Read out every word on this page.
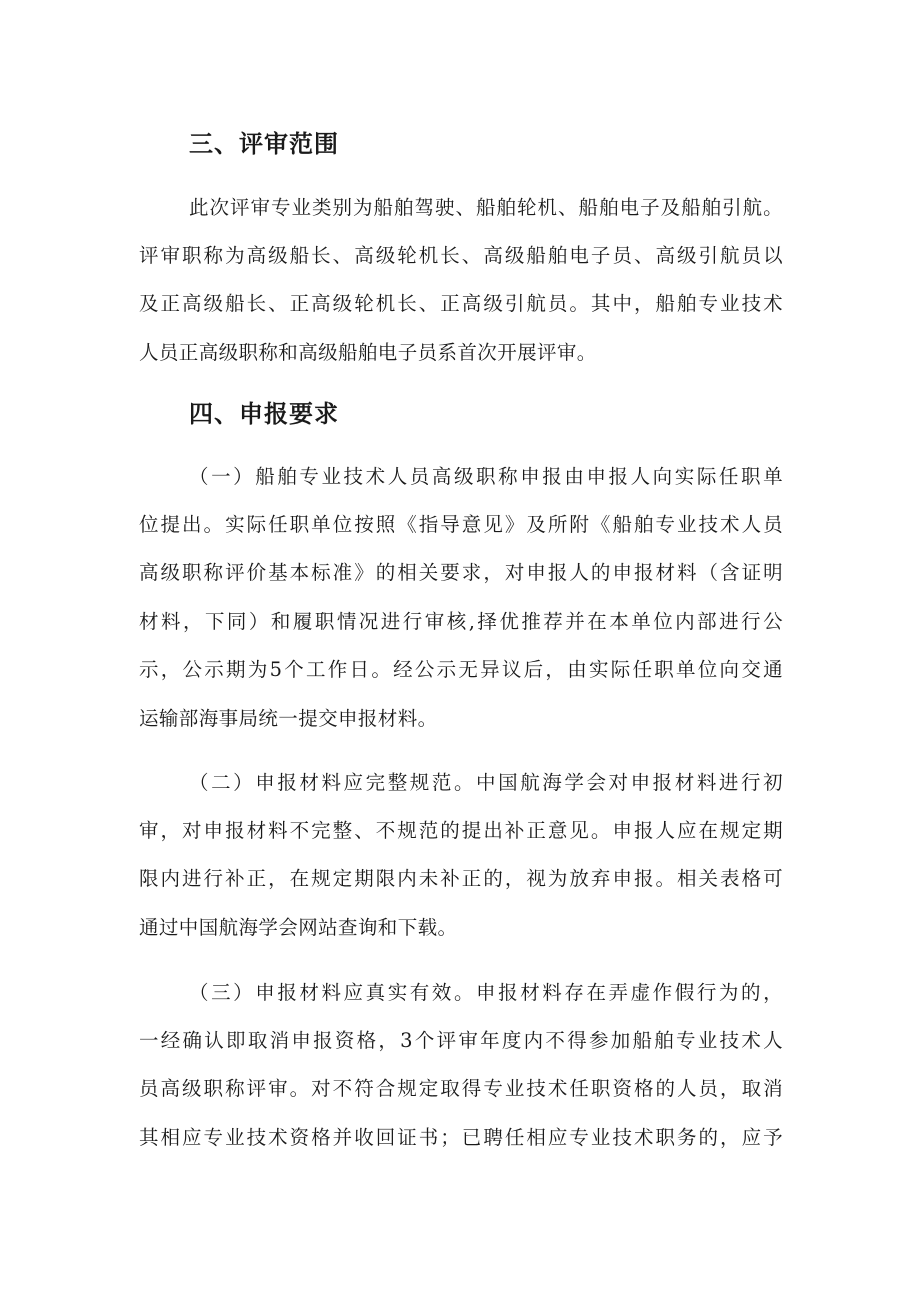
三、评审范围
此次评审专业类别为船舶驾驶、船舶轮机、船舶电子及船舶引航。
评审职称为高级船长、高级轮机长、高级船舶电子员、高级引航员以
及正高级船长、正高级轮机长、正高级引航员。其中，船舶专业技术
人员正高级职称和高级船舶电子员系首次开展评审。
四、申报要求
（一）船舶专业技术人员高级职称申报由申报人向实际任职单
位提出。实际任职单位按照《指导意见》及所附《船舶专业技术人员
高级职称评价基本标准》的相关要求，对申报人的申报材料（含证明
材料，下同）和履职情况进行审核,择优推荐并在本单位内部进行公
示，公示期为5个工作日。经公示无异议后，由实际任职单位向交通
运输部海事局统一提交申报材料。
（二）申报材料应完整规范。中国航海学会对申报材料进行初
审，对申报材料不完整、不规范的提出补正意见。申报人应在规定期
限内进行补正，在规定期限内未补正的，视为放弃申报。相关表格可
通过中国航海学会网站查询和下载。
（三）申报材料应真实有效。申报材料存在弄虚作假行为的，
一经确认即取消申报资格，3个评审年度内不得参加船舶专业技术人
员高级职称评审。对不符合规定取得专业技术任职资格的人员，取消
其相应专业技术资格并收回证书；已聘任相应专业技术职务的，应予
